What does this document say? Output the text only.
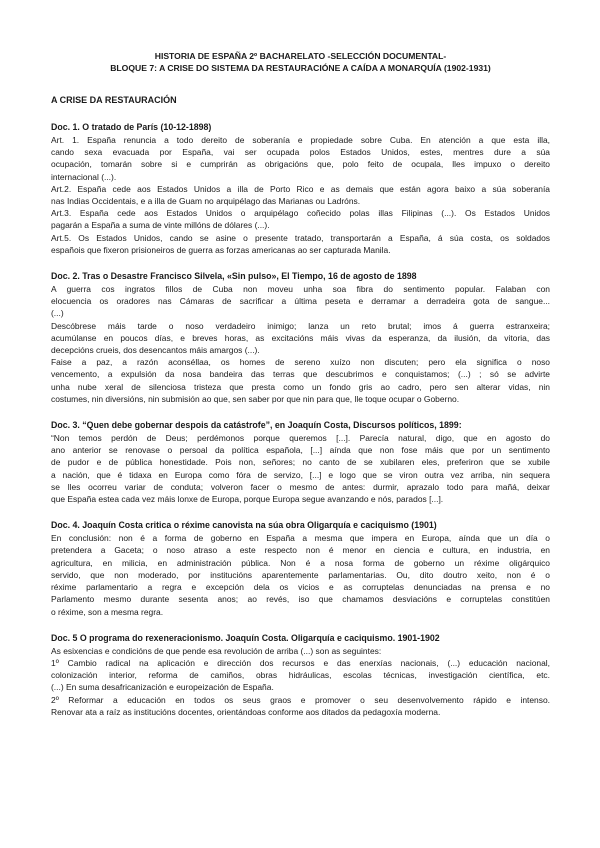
HISTORIA DE ESPAÑA 2º BACHARELATO -SELECCIÓN DOCUMENTAL-
BLOQUE 7: A CRISE DO SISTEMA DA RESTAURACIÓNE A CAÍDA A MONARQUÍA (1902-1931)
A CRISE DA RESTAURACIÓN
Doc. 1. O tratado de París (10-12-1898)
Art. 1. España renuncia a todo dereito de soberanía e propiedade sobre Cuba. En atención a que esta illa,
cando sexa evacuada por España, vai ser ocupada polos Estados Unidos, estes, mentres dure a súa
ocupación, tomarán sobre si e cumprirán as obrigacións que, polo feito de ocupala, lles impuxo o dereito
internacional (...).
Art.2. España cede aos Estados Unidos a illa de Porto Rico e as demais que están agora baixo a súa soberanía
nas Indias Occidentais, e a illa de Guam no arquipélago das Marianas ou Ladróns.
Art.3. España cede aos Estados Unidos o arquipélago coñecido polas illas Filipinas (...). Os Estados Unidos
pagarán a España a suma de vinte millóns de dólares (...).
Art.5. Os Estados Unidos, cando se asine o presente tratado, transportarán a España, á súa costa, os soldados
españois que fixeron prisioneiros de guerra as forzas americanas ao ser capturada Manila.
Doc. 2. Tras o Desastre Francisco Silvela, «Sin pulso», El Tiempo, 16 de agosto de 1898
A guerra cos ingratos fillos de Cuba non moveu unha soa fibra do sentimento popular. Falaban con
elocuencia os oradores nas Cámaras de sacrificar a última peseta e derramar a derradeira gota de sangue...
(...)
Descóbrese máis tarde o noso verdadeiro inimigo; lanza un reto brutal; imos á guerra estranxeira;
acumúlanse en poucos días, e breves horas, as excitacións máis vivas da esperanza, da ilusión, da vitoria, das
decepcións crueis, dos desencantos máis amargos (...).
Faise a paz, a razón aconséllaa, os homes de sereno xuízo non discuten; pero ela significa o noso
vencemento, a expulsión da nosa bandeira das terras que descubrimos e conquistamos; (...) ; só se advirte
unha nube xeral de silenciosa tristeza que presta como un fondo gris ao cadro, pero sen alterar vidas, nin
costumes, nin diversións, nin submisión ao que, sen saber por que nin para que, lle toque ocupar o Goberno.
Doc. 3. “Quen debe gobernar despois da catástrofe”, en Joaquín Costa, Discursos políticos, 1899:
“Non temos perdón de Deus; perdémonos porque queremos [...]. Parecía natural, digo, que en agosto do
ano anterior se renovase o persoal da política española, [...] aínda que non fose máis que por un sentimento
de pudor e de pública honestidade. Pois non, señores; no canto de se xubilaren eles, preferiron que se xubile
a nación, que é tidaxa en Europa como fóra de servizo, [...] e logo que se viron outra vez arriba, nin sequera
se lles ocorreu variar de conduta; volveron facer o mesmo de antes: durmir, aprazalo todo para mañá, deixar
que España estea cada vez máis lonxe de Europa, porque Europa segue avanzando e nós, parados [...].
Doc. 4. Joaquín Costa critica o réxime canovista na súa obra Oligarquía e caciquismo (1901)
En conclusión: non é a forma de goberno en España a mesma que impera en Europa, aínda que un día o
pretendera a Gaceta; o noso atraso a este respecto non é menor en ciencia e cultura, en industria, en
agricultura, en milicia, en administración pública. Non é a nosa forma de goberno un réxime oligárquico
servido, que non moderado, por institucións aparentemente parlamentarias. Ou, dito doutro xeito, non é o
réxime parlamentario a regra e excepción dela os vicios e as corruptelas denunciadas na prensa e no
Parlamento mesmo durante sesenta anos; ao revés, iso que chamamos desviacións e corruptelas constitúen
o réxime, son a mesma regra.
Doc. 5 O programa do rexeneracionismo. Joaquín Costa. Oligarquía e caciquismo. 1901-1902
As esixencias e condicións de que pende esa revolución de arriba (...) son as seguintes:
1º Cambio radical na aplicación e dirección dos recursos e das enerxías nacionais, (...) educación nacional,
colonización interior, reforma de camiños, obras hidráulicas, escolas técnicas, investigación científica, etc.
(...) En suma desafricanización e europeización de España.
2º Reformar a educación en todos os seus graos e promover o seu desenvolvemento rápido e intenso.
Renovar ata a raíz as institucións docentes, orientándoas conforme aos ditados da pedagoxía moderna.
